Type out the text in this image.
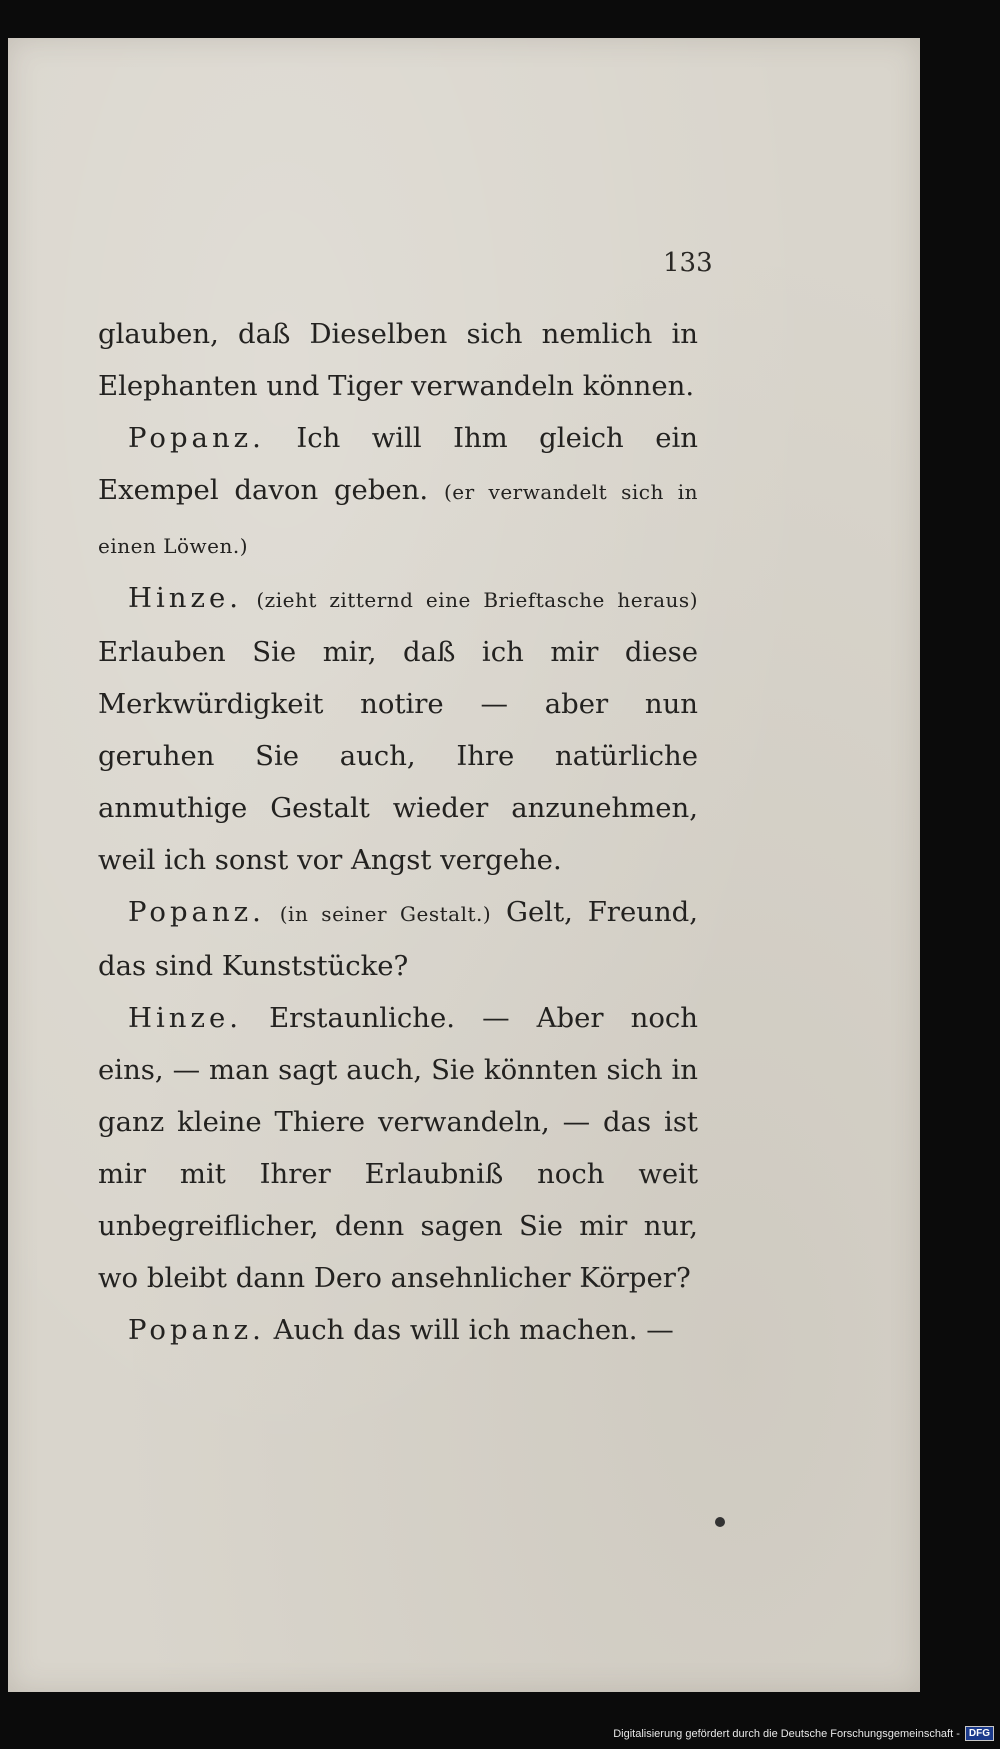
133

glauben, daß Dieselben sich nemlich in Elephanten und Tiger verwandeln können.

Popanz. Ich will Ihm gleich ein Exempel davon geben. (er verwandelt sich in einen Löwen.)

Hinze. (zieht zitternd eine Brieftasche heraus) Erlauben Sie mir, daß ich mir diese Merkwürdigkeit notire — aber nun geruhen Sie auch, Ihre natürliche anmuthige Gestalt wieder anzunehmen, weil ich sonst vor Angst vergehe.

Popanz. (in seiner Gestalt.) Gelt, Freund, das sind Kunststücke?

Hinze. Erstaunliche. — Aber noch eins, — man sagt auch, Sie könnten sich in ganz kleine Thiere verwandeln, — das ist mir mit Ihrer Erlaubniß noch weit unbegreiflicher, denn sagen Sie mir nur, wo bleibt dann Dero ansehnlicher Körper?

Popanz. Auch das will ich machen. —

Digitalisierung gefördert durch die Deutsche Forschungsgemeinschaft - DFG
